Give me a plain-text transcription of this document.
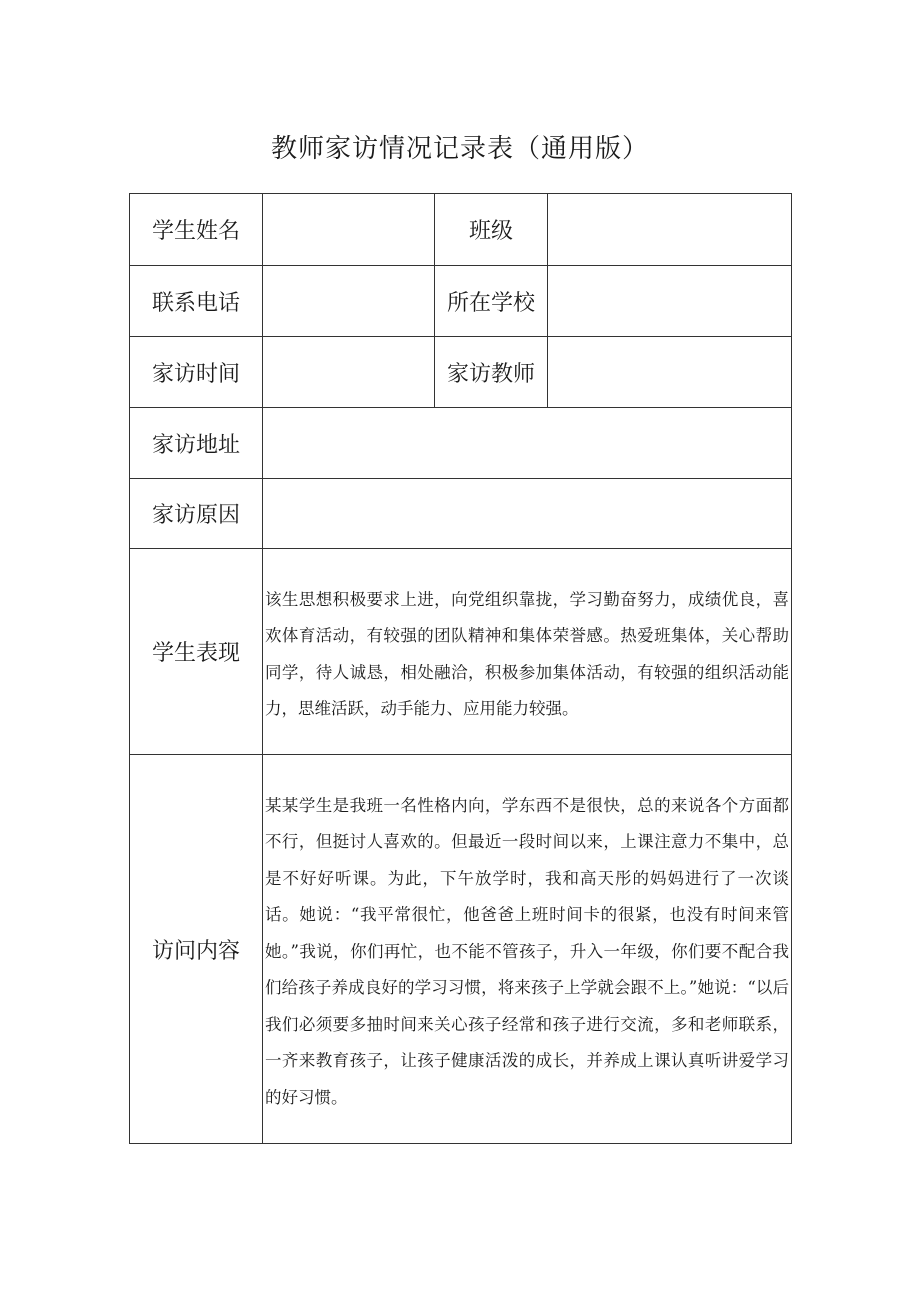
教师家访情况记录表（通用版）
学生姓名		班级	
联系电话		所在学校	
家访时间		家访教师	
家访地址			
家访原因			
学生表现	该生思想积极要求上进，向党组织靠拢，学习勤奋努力，成绩优良，喜欢体育活动，有较强的团队精神和集体荣誉感。热爱班集体，关心帮助同学，待人诚恳，相处融洽，积极参加集体活动，有较强的组织活动能力，思维活跃，动手能力、应用能力较强。		

访问内容	某某学生是我班一名性格内向，学东西不是很快，总的来说各个方面都不行，但挺讨人喜欢的。但最近一段时间以来，上课注意力不集中，总是不好好听课。为此，下午放学时，我和高天彤的妈妈进行了一次谈话。她说：“我平常很忙，他爸爸上班时间卡的很紧，也没有时间来管她。”我说，你们再忙，也不能不管孩子，升入一年级，你们要不配合我们给孩子养成良好的学习习惯，将来孩子上学就会跟不上。”她说：“以后我们必须要多抽时间来关心孩子经常和孩子进行交流，多和老师联系，一齐来教育孩子，让孩子健康活泼的成长，并养成上课认真听讲爱学习的好习惯。		
